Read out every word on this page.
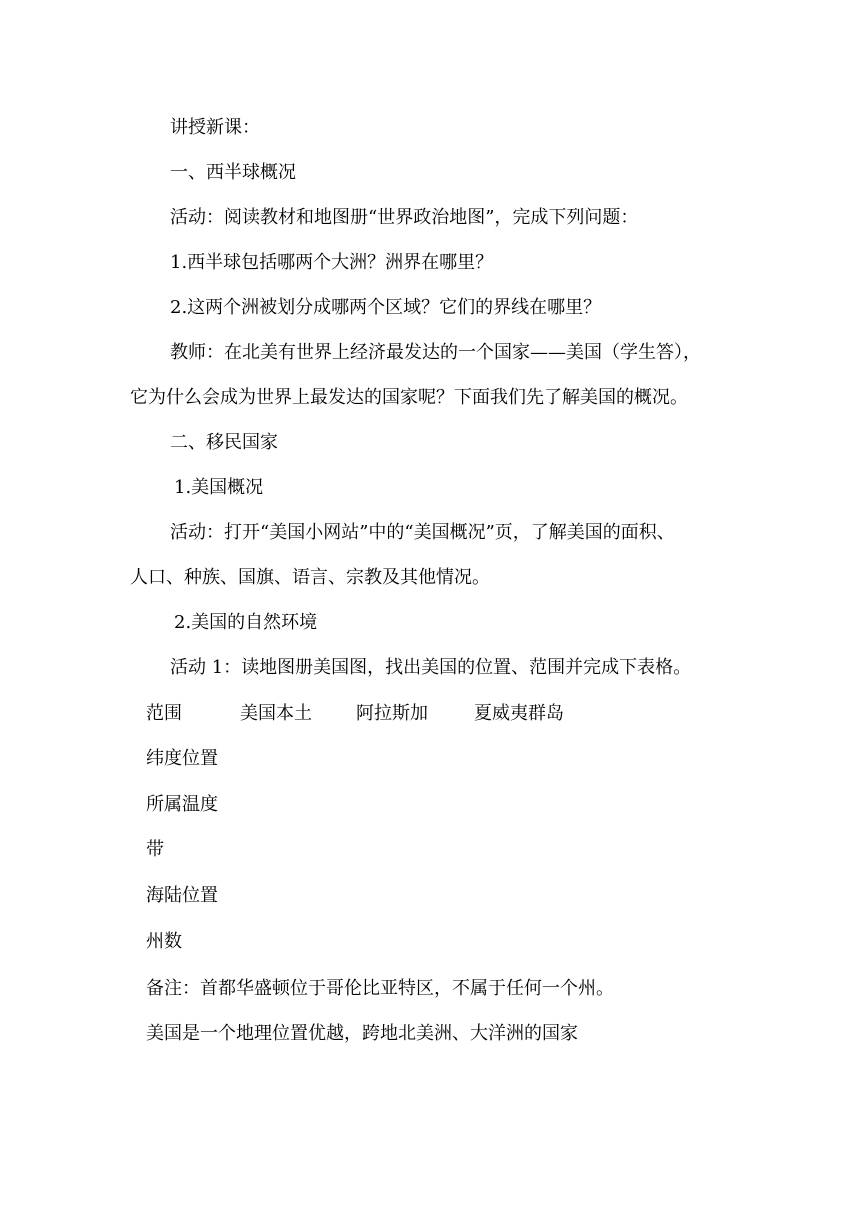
讲授新课：
一、西半球概况
活动：阅读教材和地图册“世界政治地图”，完成下列问题：
1.西半球包括哪两个大洲？洲界在哪里？
2.这两个洲被划分成哪两个区域？它们的界线在哪里？
教师：在北美有世界上经济最发达的一个国家——美国（学生答），
它为什么会成为世界上最发达的国家呢？下面我们先了解美国的概况。
二、移民国家
1.美国概况
活动：打开“美国小网站”中的“美国概况”页，了解美国的面积、
人口、种族、国旗、语言、宗教及其他情况。
2.美国的自然环境
活动 1：读地图册美国图，找出美国的位置、范围并完成下表格。
范围	美国本土 阿拉斯加	夏威夷群岛
纬度位置
所属温度
带
海陆位置
州数
备注：首都华盛顿位于哥伦比亚特区，不属于任何一个州。
美国是一个地理位置优越，跨地北美洲、大洋洲的国家
